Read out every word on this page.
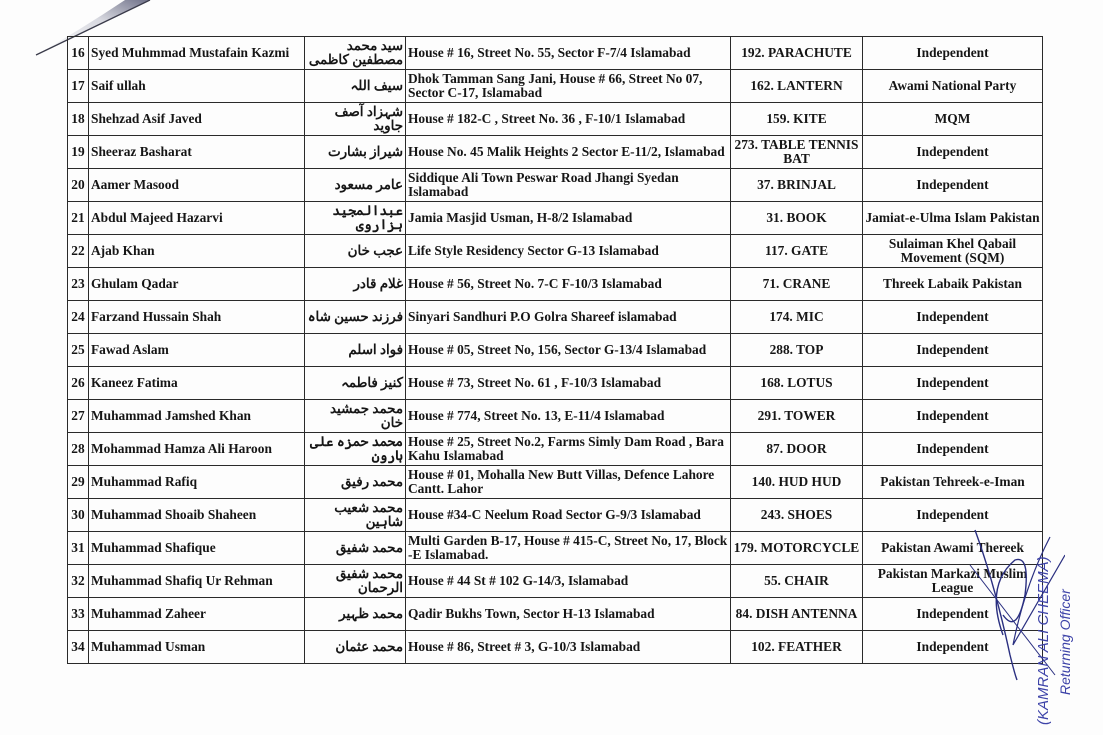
16	Syed Muhmmad Mustafain Kazmi	سید محمد مصطفین کاظمی	House # 16, Street No. 55, Sector F-7/4 Islamabad	192. PARACHUTE	Independent
17	Saif ullah	سیف اللہ	Dhok Tamman Sang Jani, House # 66, Street No 07, Sector C-17, Islamabad	162. LANTERN	Awami National Party
18	Shehzad Asif Javed	شہزاد آصف جاوید	House # 182-C , Street No. 36 , F-10/1 Islamabad	159. KITE	MQM
19	Sheeraz Basharat	شیراز بشارت	House No. 45 Malik Heights 2 Sector E-11/2, Islamabad	273. TABLE TENNIS BAT	Independent
20	Aamer Masood	عامر مسعود	Siddique Ali Town Peswar Road Jhangi Syedan Islamabad	37. BRINJAL	Independent
21	Abdul Majeed Hazarvi	عبدالمجید ہزاروی	Jamia Masjid Usman, H-8/2 Islamabad	31. BOOK	Jamiat-e-Ulma Islam Pakistan
22	Ajab Khan	عجب خان	Life Style Residency Sector G-13 Islamabad	117. GATE	Sulaiman Khel Qabail Movement (SQM)
23	Ghulam Qadar	غلام قادر	House # 56, Street No. 7-C F-10/3 Islamabad	71. CRANE	Threek Labaik Pakistan
24	Farzand Hussain Shah	فرزند حسین شاہ	Sinyari Sandhuri P.O Golra Shareef islamabad	174. MIC	Independent
25	Fawad Aslam	فواد اسلم	House # 05, Street No, 156, Sector G-13/4 Islamabad	288. TOP	Independent
26	Kaneez Fatima	کنیز فاطمہ	House # 73, Street No. 61 , F-10/3 Islamabad	168. LOTUS	Independent
27	Muhammad Jamshed Khan	محمد جمشید خان	House # 774, Street No. 13, E-11/4 Islamabad	291. TOWER	Independent
28	Mohammad Hamza Ali Haroon	محمد حمزہ علی ہارون	House # 25, Street No.2, Farms Simly Dam Road , Bara Kahu Islamabad	87. DOOR	Independent
29	Muhammad Rafiq	محمد رفیق	House # 01, Mohalla New Butt Villas, Defence Lahore Cantt. Lahor	140. HUD HUD	Pakistan Tehreek-e-Iman
30	Muhammad Shoaib Shaheen	محمد شعیب شاہین	House #34-C Neelum Road Sector G-9/3 Islamabad	243. SHOES	Independent
31	Muhammad Shafique	محمد شفیق	Multi Garden B-17, House # 415-C, Street No, 17, Block -E Islamabad.	179. MOTORCYCLE	Pakistan Awami Thereek
32	Muhammad Shafiq Ur Rehman	محمد شفیق الرحمان	House # 44 St # 102 G-14/3, Islamabad	55. CHAIR	Pakistan Markazi Muslim League
33	Muhammad Zaheer	محمد ظہیر	Qadir Bukhs Town, Sector H-13 Islamabad	84. DISH ANTENNA	Independent
34	Muhammad Usman	محمد عثمان	House # 86, Street # 3, G-10/3 Islamabad	102. FEATHER	Independent	(KAMRAN ALI CHEEMA) Returning Officer
